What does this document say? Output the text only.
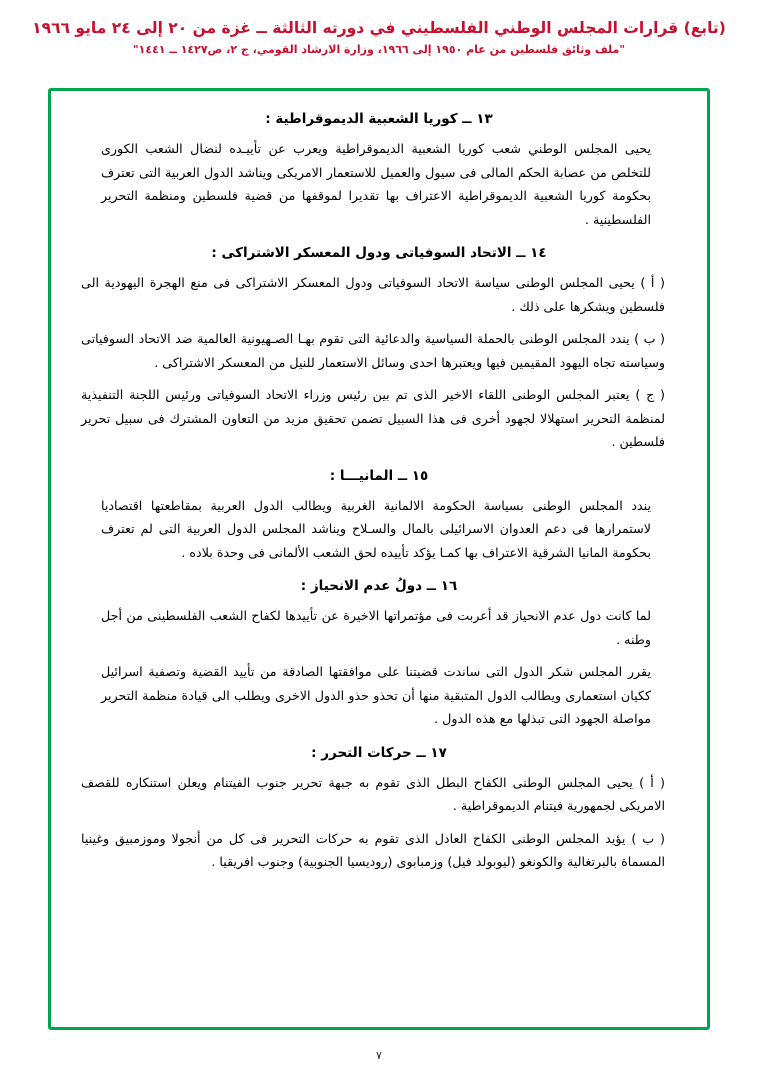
(تابع) قرارات المجلس الوطني الفلسطيني في دورته الثالثة ــ غزة من ٢٠ إلى ٢٤ مايو ١٩٦٦
"ملف وثائق فلسطين من عام ١٩٥٠ إلى ١٩٦٦، وزارة الارشاد القومي، ج ٢، ص١٤٢٧ ــ ١٤٤١"
١٣ ــ كوريا الشعبية الديموقراطية :

يحيى المجلس الوطني شعب كوريا الشعبية الديموقراطية ويعرب عن تأييـده لنضال الشعب الكورى للتخلص من عصابة الحكم المالى فى سيول والعميل للاستعمار الامريكى ويناشد الدول العربية التى تعترف بحكومة كوريا الشعبية الديموقراطية الاعتراف بها تقديرا لموقفها من قضية فلسطين ومنظمة التحرير الفلسطينية .

١٤ ــ الاتحاد السوفياتى ودول المعسكر الاشتراكى :

( أ ) يحيى المجلس الوطنى سياسة الاتحاد السوفياتى ودول المعسكر الاشتراكى فى منع الهجرة اليهودية الى فلسطين ويشكرها على ذلك .

( ب ) يندد المجلس الوطنى بالحملة السياسية والدعائية التى تقوم بهـا الصـهيونية العالمية ضد الاتحاد السوفياتى وسياسته تجاه اليهود المقيمين فيها ويعتبرها احدى وسائل الاستعمار للنيل من المعسكر الاشتراكى .

( ج ) يعتبر المجلس الوطنى اللقاء الاخير الذى تم بين رئيس وزراء الاتحاد السوفياتى ورئيس اللجنة التنفيذية لمنظمة التحرير استهلالا لجهود أخرى فى هذا السبيل تضمن تحقيق مزيد من التعاون المشترك فى سبيل تحرير فلسطين .

١٥ ــ المانيـــا :

يندد المجلس الوطنى بسياسة الحكومة الالمانية الغربية ويطالب الدول العربية بمقاطعتها اقتصاديا لاستمرارها فى دعم العدوان الاسرائيلى بالمال والسـلاح ويناشد المجلس الدول العربية التى لم تعترف بحكومة المانيا الشرقية الاعتراف بها كمـا يؤكد تأييده لحق الشعب الألمانى فى وحدة بلاده .

١٦ ــ دولُ عدم الانحياز :

لما كانت دول عدم الانحياز قد أعربت فى مؤتمراتها الاخيرة عن تأييدها لكفاح الشعب الفلسطينى من أجل وطنه .

يقرر المجلس شكر الدول التى ساندت قضيتنا على موافقتها الصادقة من تأييد القضية وتصفية اسرائيل ككيان استعمارى ويطالب الدول المتبقية منها أن تحذو حذو الدول الاخرى ويطلب الى قيادة منظمة التحرير مواصلة الجهود التى تبذلها مع هذه الدول .

١٧ ــ حركات التحرر :

( أ ) يحيى المجلس الوطنى الكفاح البطل الذى تقوم به جبهة تحرير جنوب الفيتنام ويعلن استنكاره للقصف الامريكى لجمهورية فيتنام الديموقراطية .

( ب ) يؤيد المجلس الوطنى الكفاح العادل الذى تقوم به حركات التحرير فى كل من أنجولا وموزمبيق وغينيا المسماة بالبرتغالية والكونغو (ليوبولد فيل) وزمبابوى (روديسيا الجنوبية) وجنوب افريقيا .

٧
